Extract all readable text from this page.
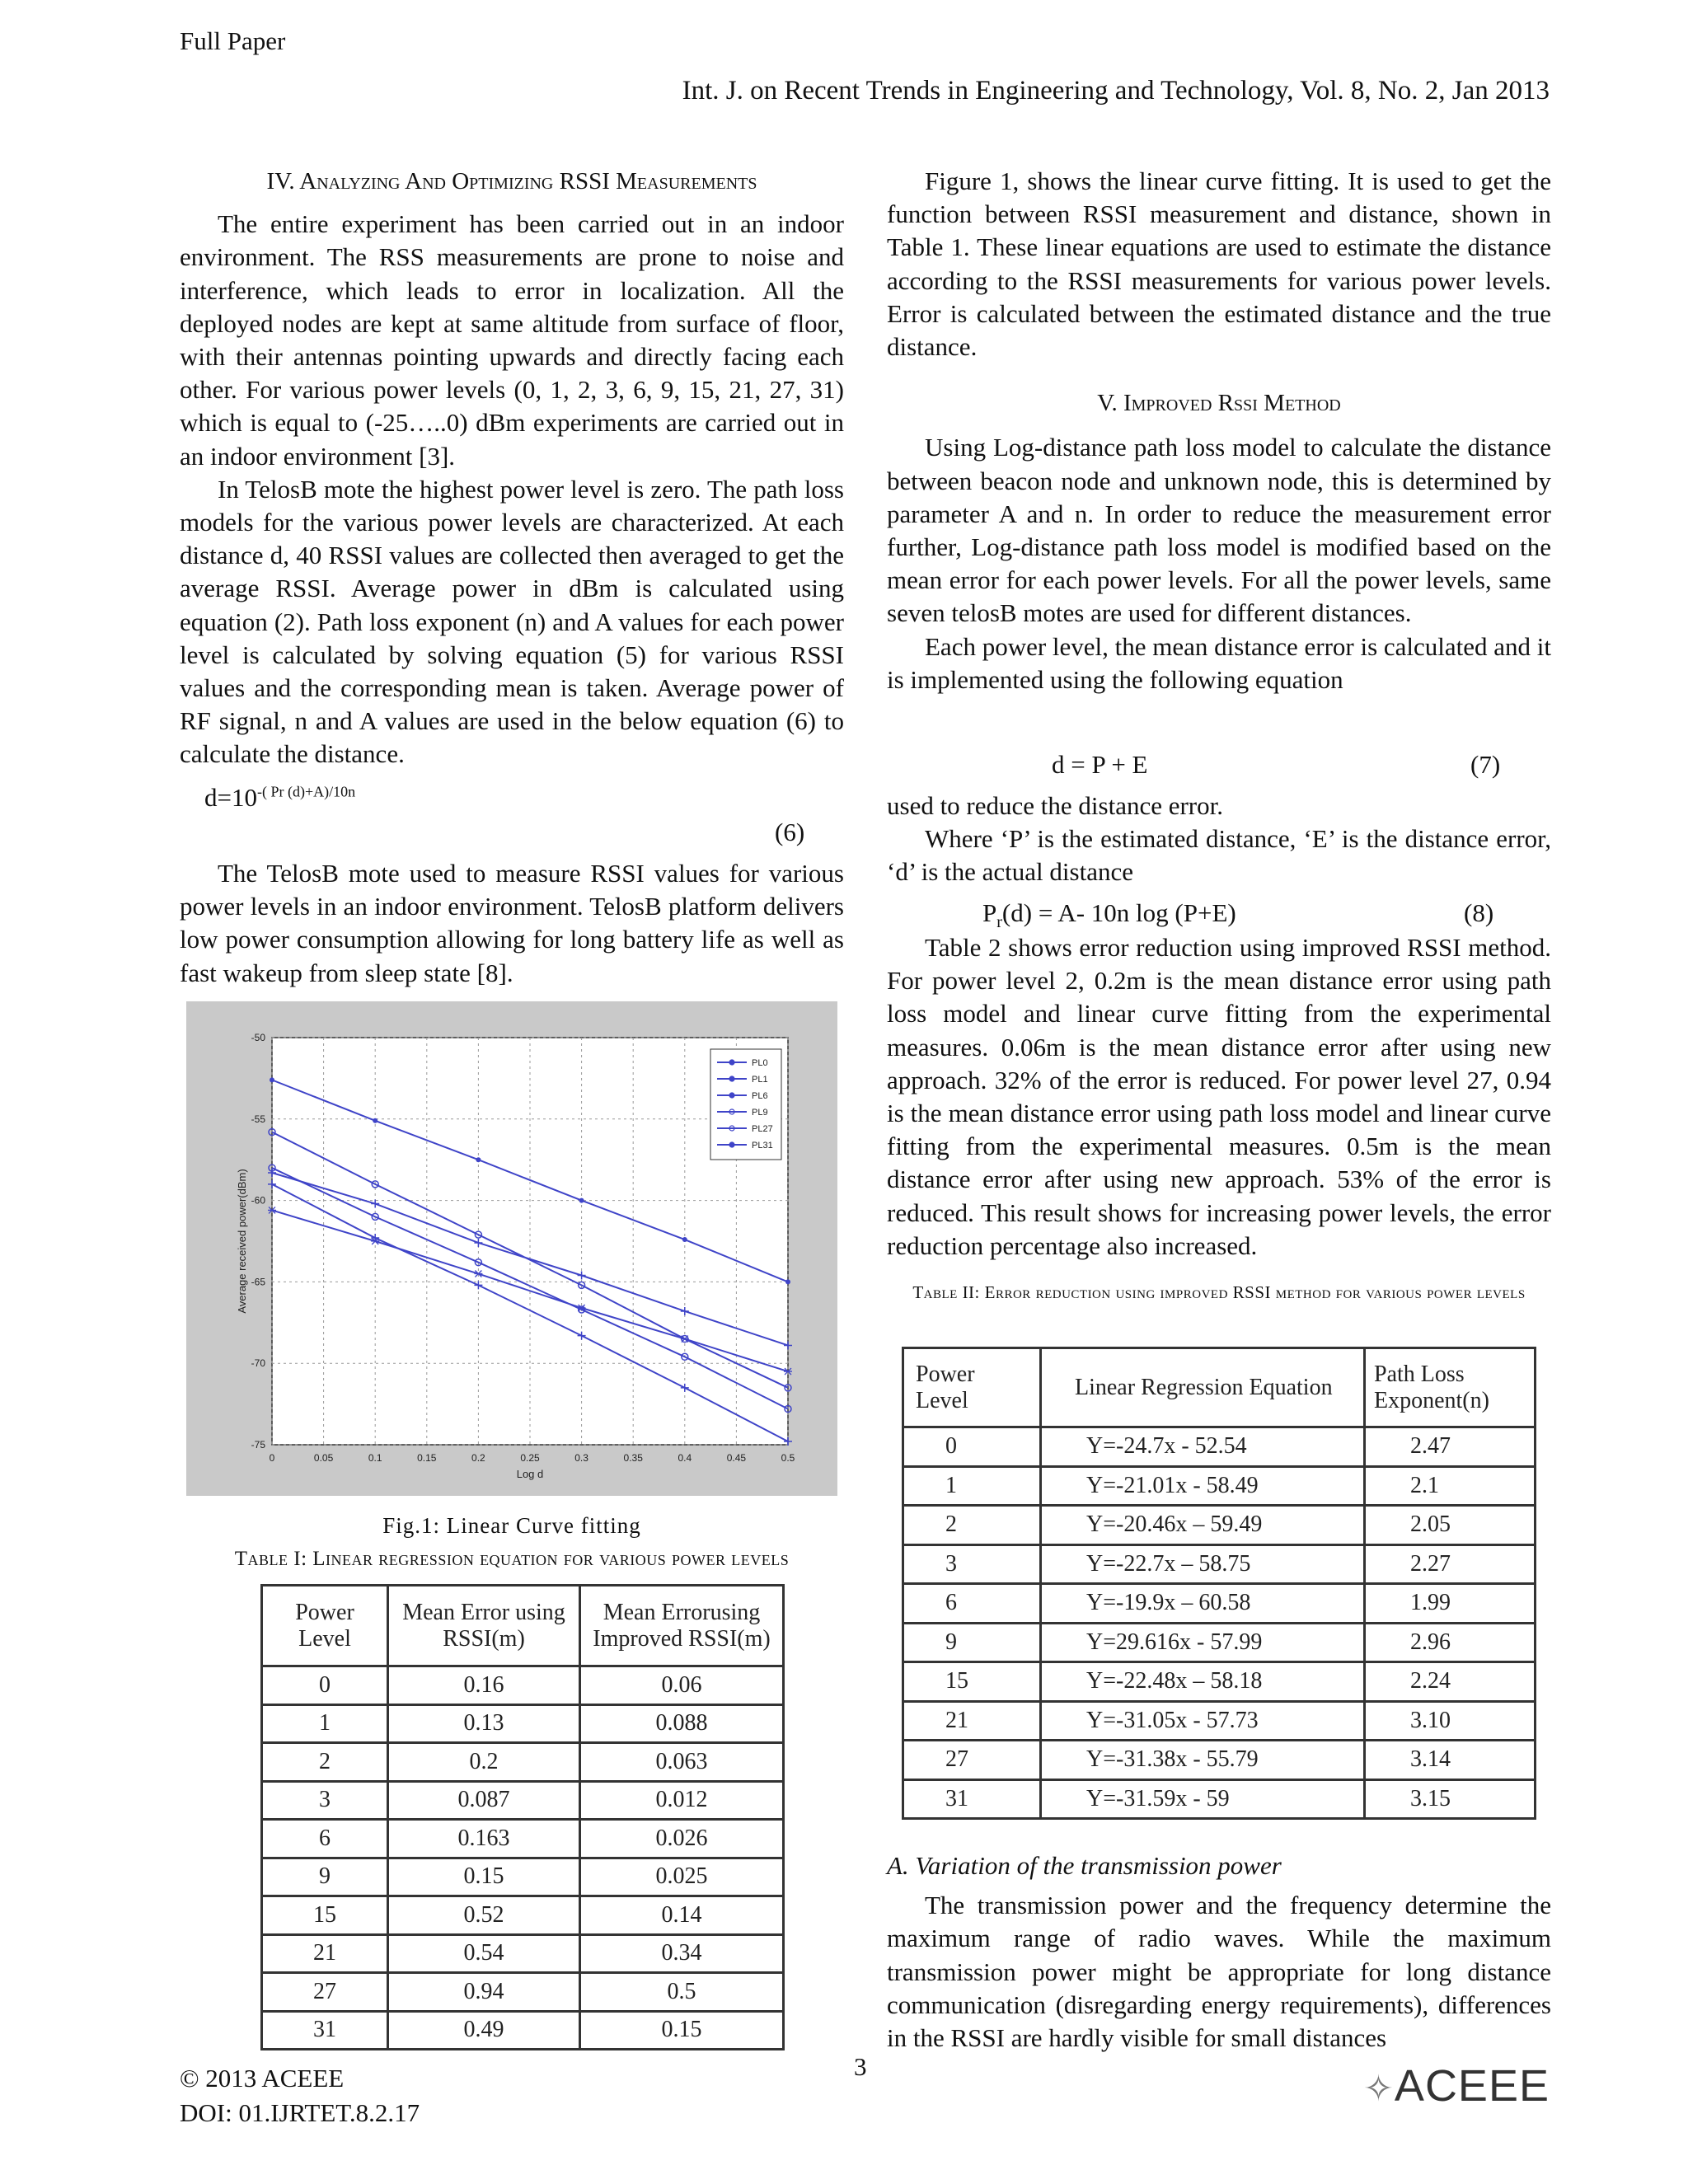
Full Paper
Int. J. on Recent Trends in Engineering and Technology, Vol. 8, No. 2, Jan 2013

IV. Analyzing And Optimizing RSSI Measurements

The entire experiment has been carried out in an indoor environment. The RSS measurements are prone to noise and interference, which leads to error in localization. All the deployed nodes are kept at same altitude from surface of floor, with their antennas pointing upwards and directly facing each other. For various power levels (0, 1, 2, 3, 6, 9, 15, 21, 27, 31) which is equal to (-25…..0) dBm experiments are carried out in an indoor environment [3].

In TelosB mote the highest power level is zero. The path loss models for the various power levels are characterized. At each distance d, 40 RSSI values are collected then averaged to get the average RSSI. Average power in dBm is calculated using equation (2). Path loss exponent (n) and A values for each power level is calculated by solving equation (5) for various RSSI values and the corresponding mean is taken. Average power of RF signal, n and A values are used in the below equation (6) to calculate the distance.

$d=10^{-( Pr (d)+A)/10n}$
(6)

The TelosB mote used to measure RSSI values for various power levels in an indoor environment. TelosB platform delivers low power consumption allowing for long battery life as well as fast wakeup from sleep state [8].

0	0.05	0.1	0.15	0.2	0.25	0.3	0.35	0.4	0.45	0.5
-50
-55
-60
-65
-70
-75
Log d
Average received power(dBm)
PL0
PL1
PL6
PL9
PL27
PL31
Fig.1: Linear Curve fitting
Table I: Linear regression equation for various power levels
Power Level	Mean Error using RSSI(m)	Mean Errorusing Improved RSSI(m)
0	0.16	0.06
1	0.13	0.088
2	0.2	0.063
3	0.087	0.012
6	0.163	0.026
9	0.15	0.025
15	0.52	0.14
21	0.54	0.34
27	0.94	0.5
31	0.49	0.15

Figure 1, shows the linear curve fitting. It is used to get the function between RSSI measurement and distance, shown in Table 1. These linear equations are used to estimate the distance according to the RSSI measurements for various power levels. Error is calculated between the estimated distance and the true distance.

V. Improved Rssi Method

Using Log-distance path loss model to calculate the distance between beacon node and unknown node, this is determined by parameter A and n. In order to reduce the measurement error further, Log-distance path loss model is modified based on the mean error for each power levels. For all the power levels, same seven telosB motes are used for different distances.

Each power level, the mean distance error is calculated and it is implemented using the following equation

d = P + E	(7)

used to reduce the distance error.

Where ‘P’ is the estimated distance, ‘E’ is the distance error, ‘d’ is the actual distance

$P_r(d) = A-$ 10n log (P+E)	(8)

Table 2 shows error reduction using improved RSSI method. For power level 2, 0.2m is the mean distance error using path loss model and linear curve fitting from the experimental measures. 0.06m is the mean distance error after using new approach. 32% of the error is reduced. For power level 27, 0.94 is the mean distance error using path loss model and linear curve fitting from the experimental measures. 0.5m is the mean distance error after using new approach. 53% of the error is reduced. This result shows for increasing power levels, the error reduction percentage also increased.

Table II: Error reduction using improved RSSI method for various power levels
Power Level	Linear Regression Equation	Path Loss Exponent(n)
0	Y=-24.7x - 52.54	2.47
1	Y=-21.01x - 58.49	2.1
2	Y=-20.46x – 59.49	2.05
3	Y=-22.7x – 58.75	2.27
6	Y=-19.9x – 60.58	1.99
9	Y=29.616x - 57.99	2.96
15	Y=-22.48x – 58.18	2.24
21	Y=-31.05x - 57.73	3.10
27	Y=-31.38x - 55.79	3.14
31	Y=-31.59x - 59	3.15

A. Variation of the transmission power

The transmission power and the frequency determine the maximum range of radio waves. While the maximum transmission power might be appropriate for long distance communication (disregarding energy requirements), differences in the RSSI are hardly visible for small distances

© 2013 ACEEE
DOI: 01.IJRTET.8.2.17
3
✧ACEEE
